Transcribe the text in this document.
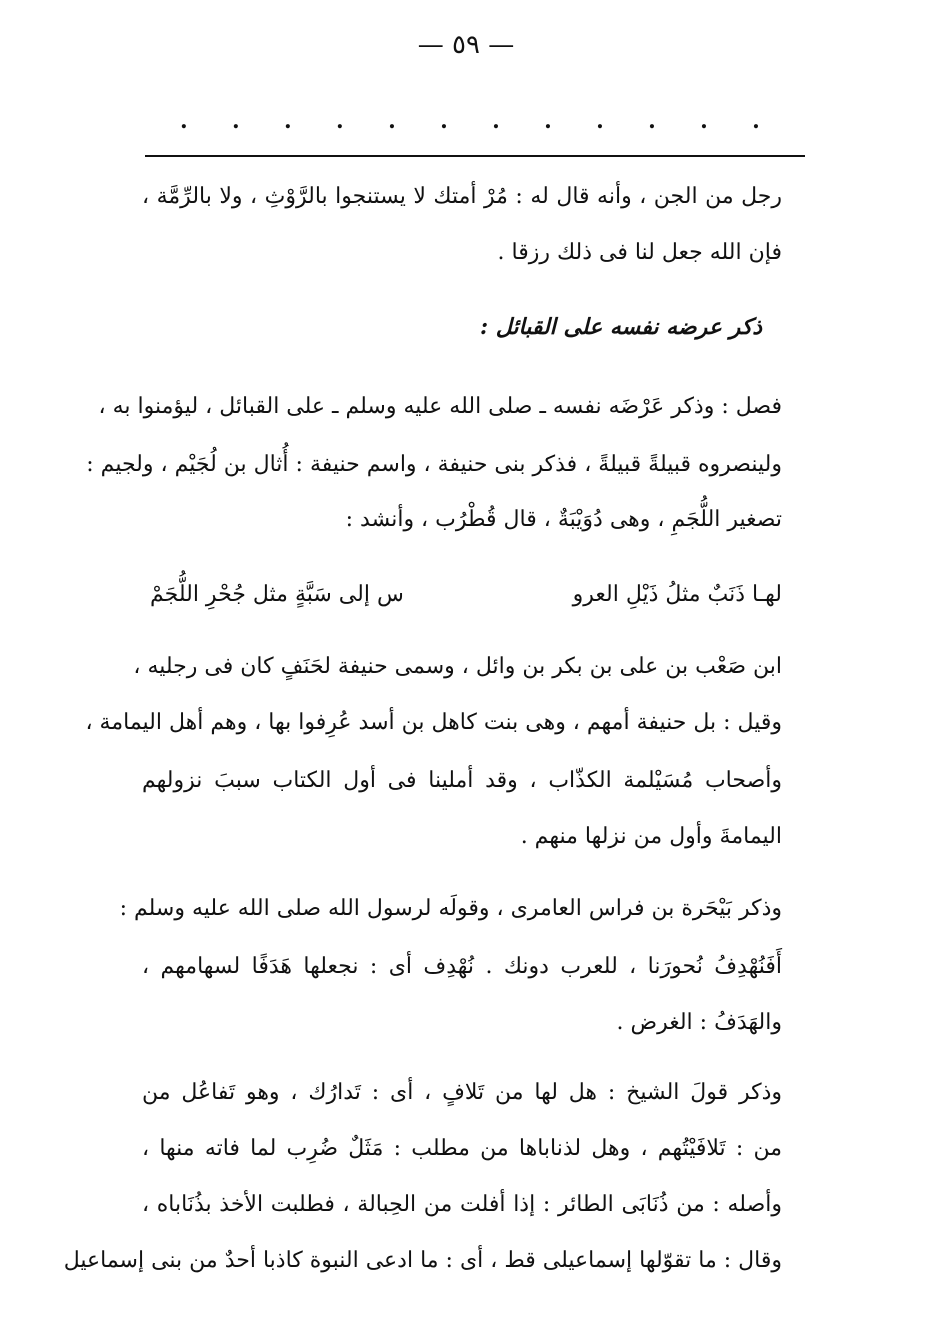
— ٥٩ —
. . . . . . . . . . . .
رجل من الجن ، وأنه قال له : مُرْ أمتك لا يستنجوا بالرَّوْثِ ، ولا بالرِّمَّة ،
فإن الله جعل لنا فى ذلك رزقا .
ذكر عرضه نفسه على القبائل :
فصل : وذكر عَرْضَه نفسه ـ صلى الله عليه وسلم ـ على القبائل ، ليؤمنوا به ،
ولينصروه قبيلةً قبيلةً ، فذكر بنى حنيفة ، واسم حنيفة : أُثال بن لُجَيْم ، ولجيم :
تصغير اللُّجَمِ ، وهى دُوَيْبَةٌ ، قال قُطْرُب ، وأنشد :
لهـا ذَنَبٌ مثلُ ذَيْلِ العرو
س إلى سَبَّةٍ مثل جُحْرِ اللُّجَمْ
ابن صَعْب بن على بن بكر بن وائل ، وسمى حنيفة لحَنَفٍ كان فى رجليه ،
وقيل : بل حنيفة أمهم ، وهى بنت كاهل بن أسد عُرِفوا بها ، وهم أهل اليمامة ،
وأصحاب مُسَيْلمة الكذّاب ، وقد أملينا فى أول الكتاب سببَ نزولهم
اليمامةَ وأول من نزلها منهم .
وذكر بَيْحَرة بن فراس العامرى ، وقولَه لرسول الله صلى الله عليه وسلم :
أَفَنُهْدِفُ نُحورَنا ، للعرب دونك . نُهْدِف أى : نجعلها هَدَفًا لسهامهم ،
والهَدَفُ : الغرض .
وذكر قولَ الشيخ : هل لها من تَلافٍ ، أى : تَدارُك ، وهو تَفاعُل من
من : تَلافَيْتُهم ، وهل لذناباها من مطلب : مَثَلٌ ضُرِب لما فاته منها ،
وأصله : من ذُنَابَى الطائر : إذا أفلت من الحِبالة ، فطلبت الأخذ بذُنَاباه ،
وقال : ما تقوّلها إسماعيلى قط ، أى : ما ادعى النبوة كاذبا أحدٌ من بنى إسماعيل
